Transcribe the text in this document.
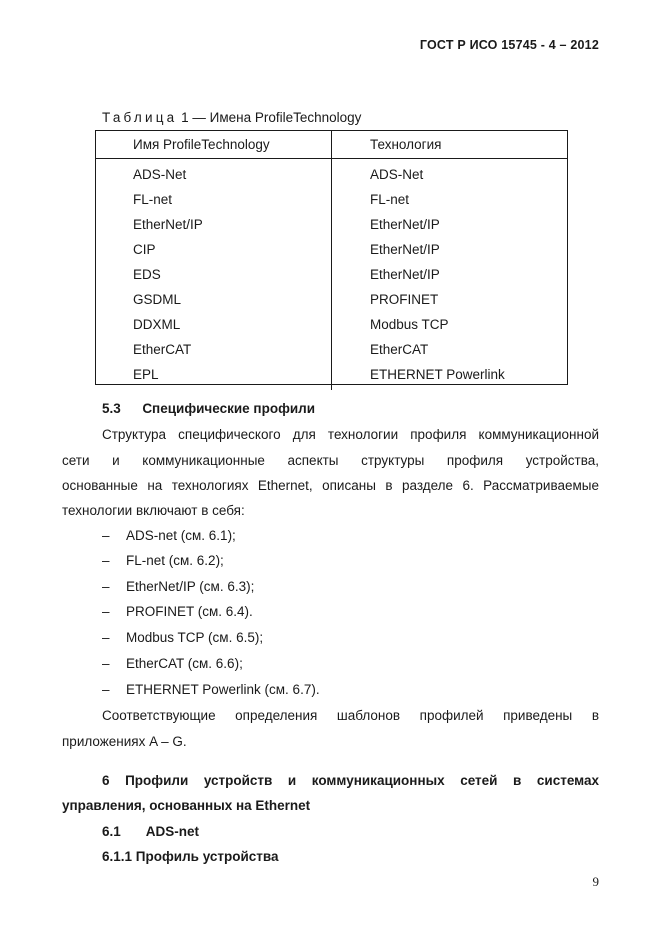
ГОСТ Р ИСО 15745 - 4 – 2012
Таблица 1 — Имена ProfileTechnology
Имя ProfileTechnology	Технология
ADS-Net	ADS-Net
FL-net	FL-net
EtherNet/IP	EtherNet/IP
CIP	EtherNet/IP
EDS	EtherNet/IP
GSDML	PROFINET
DDXML	Modbus TCP
EtherCAT	EtherCAT
EPL	ETHERNET Powerlink
5.3 Специфические профили
Структура специфического для технологии профиля коммуникационной
сети и коммуникационные аспекты структуры профиля устройства,
основанные на технологиях Ethernet, описаны в разделе 6. Рассматриваемые
технологии включают в себя:
– ADS-net (см. 6.1);
– FL-net (см. 6.2);
– EtherNet/IP (см. 6.3);
– PROFINET (см. 6.4).
– Modbus TCP (см. 6.5);
– EtherCAT (см. 6.6);
– ETHERNET Powerlink (см. 6.7).
Соответствующие определения шаблонов профилей приведены в
приложениях A – G.
6 Профили устройств и коммуникационных сетей в системах
управления, основанных на Ethernet
6.1 ADS-net
6.1.1 Профиль устройства
9
